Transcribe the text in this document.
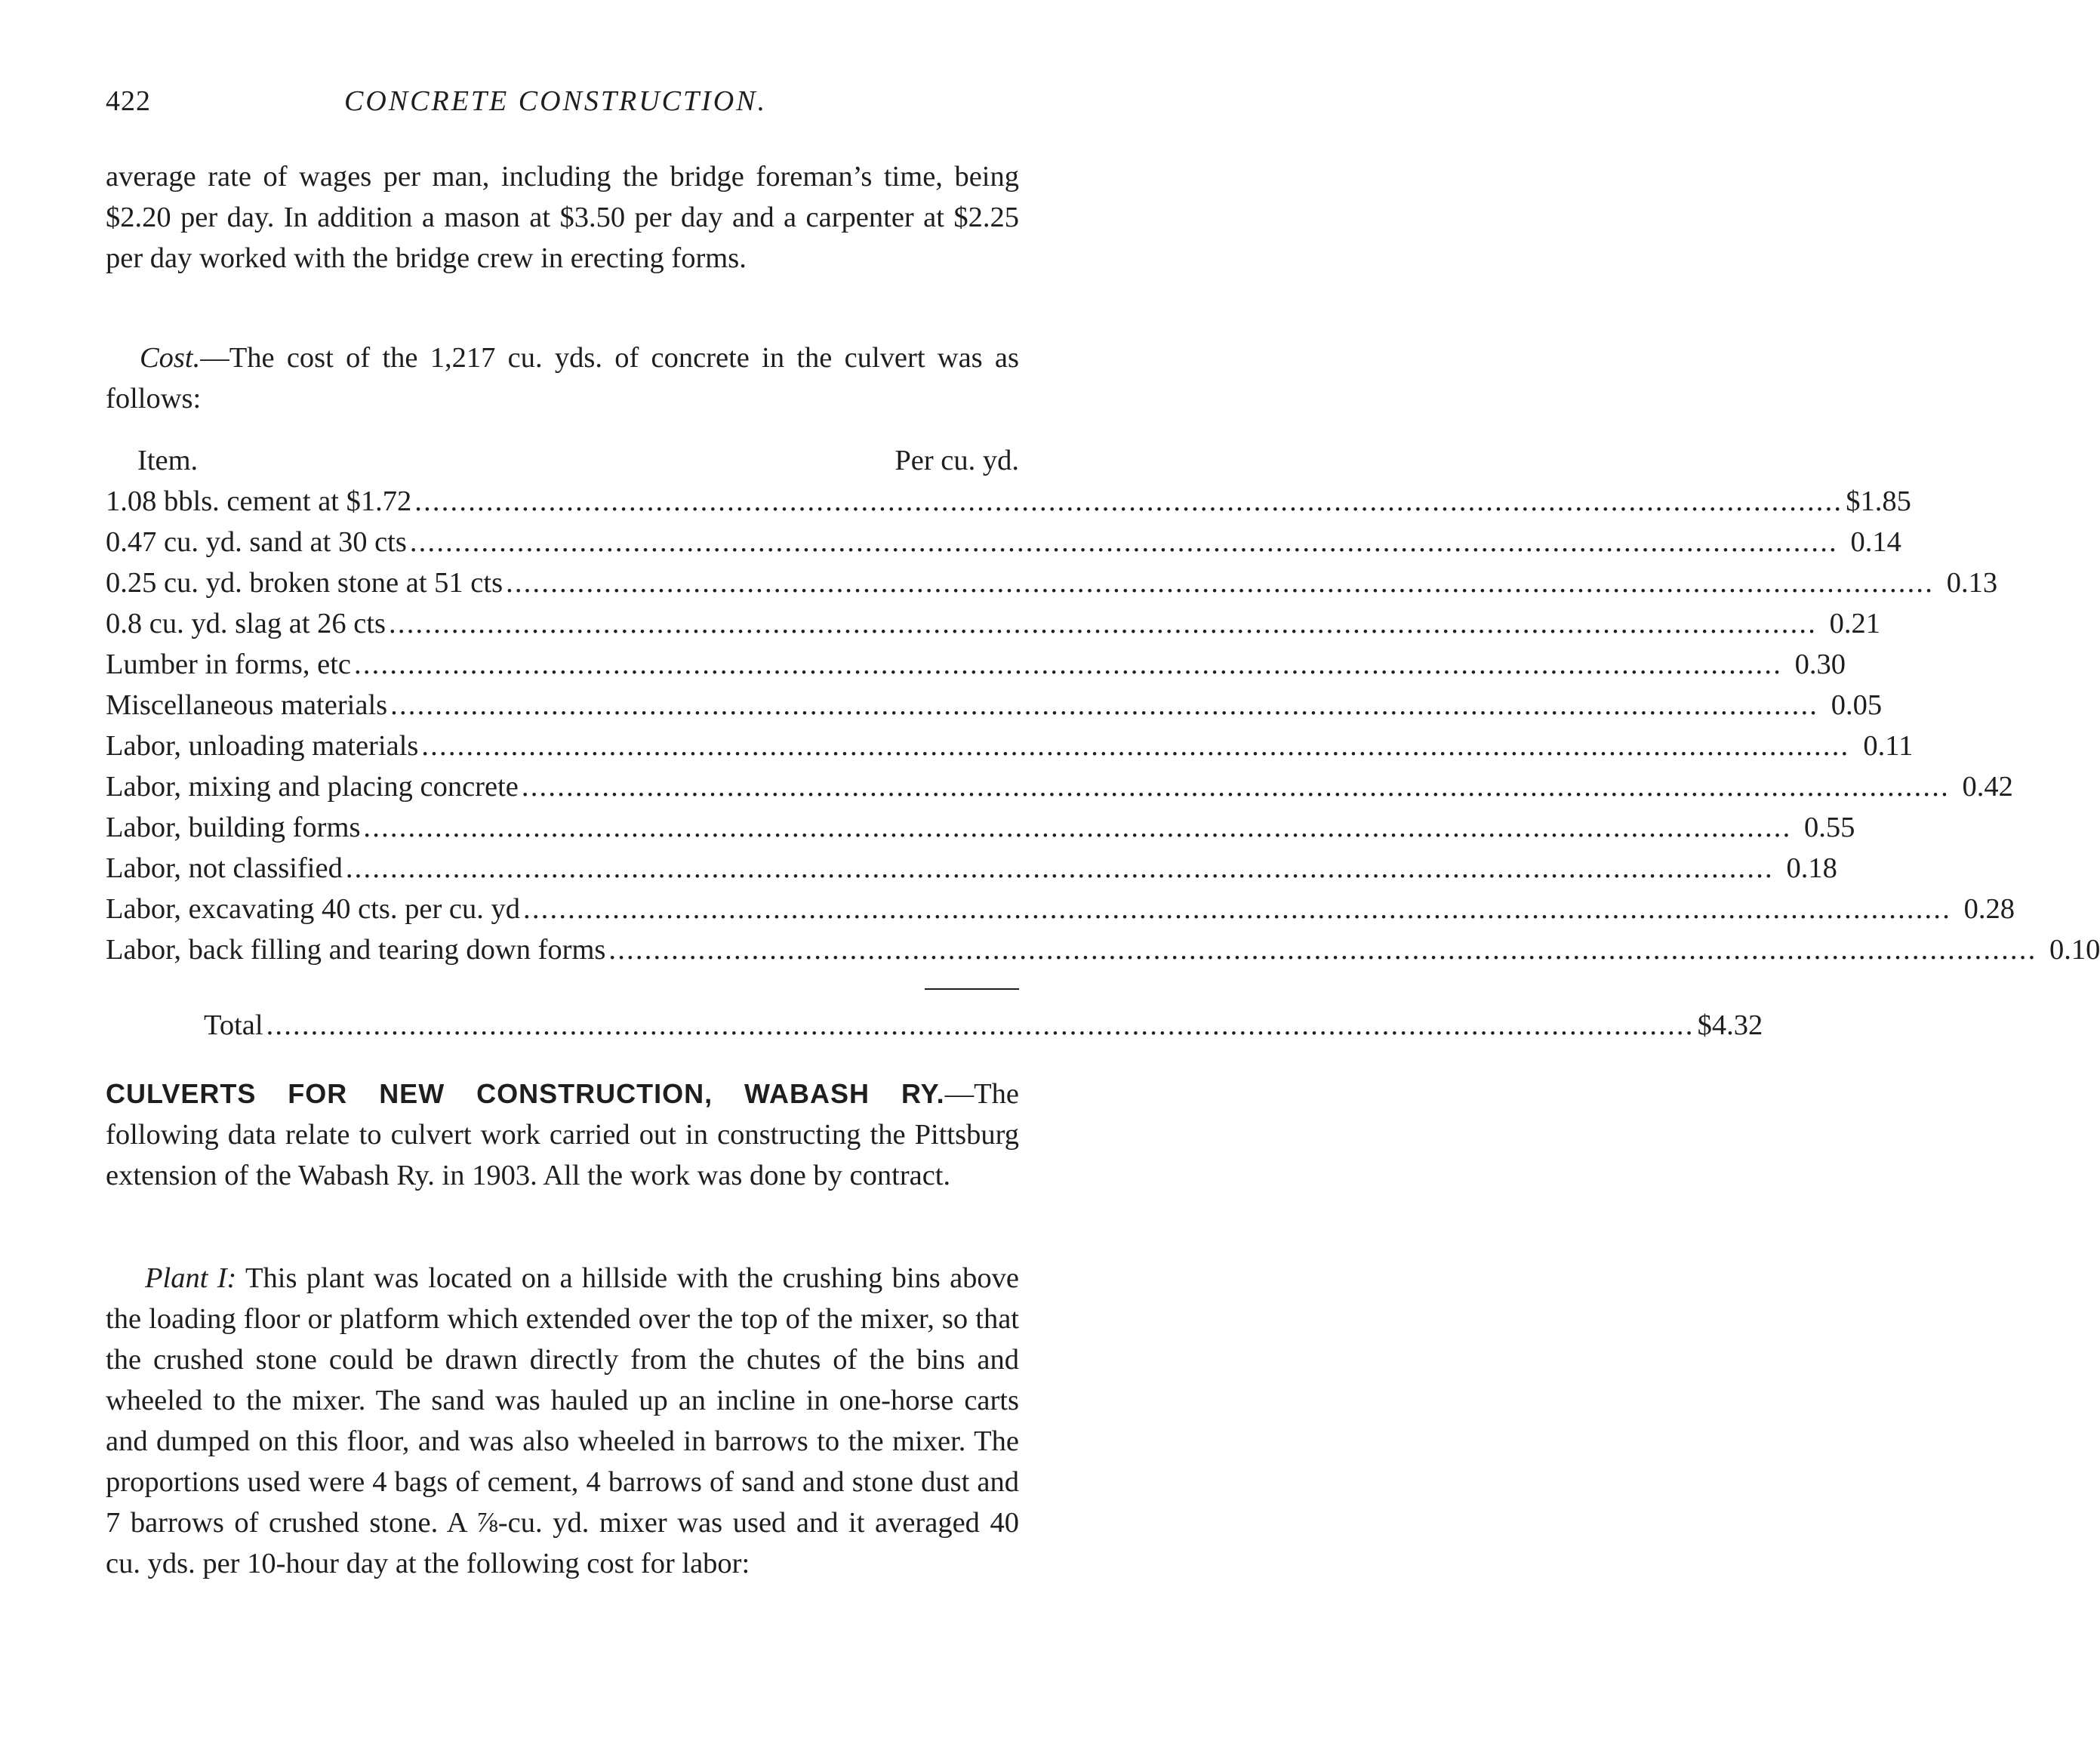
422	CONCRETE CONSTRUCTION.

average rate of wages per man, including the bridge foreman’s time, being $2.20 per day. In addition a mason at $3.50 per day and a carpenter at $2.25 per day worked with the bridge crew in erecting forms.

Cost.—The cost of the 1,217 cu. yds. of concrete in the culvert was as follows:

Item.	Per cu. yd.
1.08 bbls. cement at $1.72 ................................................................................................................................................................ $1.85
0.47 cu. yd. sand at 30 cts ................................................................................................................................................................ 0.14
0.25 cu. yd. broken stone at 51 cts ................................................................................................................................................................ 0.13
0.8 cu. yd. slag at 26 cts ................................................................................................................................................................ 0.21
Lumber in forms, etc ................................................................................................................................................................ 0.30
Miscellaneous materials ................................................................................................................................................................ 0.05
Labor, unloading materials ................................................................................................................................................................ 0.11
Labor, mixing and placing concrete ................................................................................................................................................................ 0.42
Labor, building forms ................................................................................................................................................................ 0.55
Labor, not classified ................................................................................................................................................................ 0.18
Labor, excavating 40 cts. per cu. yd ................................................................................................................................................................ 0.28
Labor, back filling and tearing down forms ................................................................................................................................................................ 0.10
Total ................................................................................................................................................................ $4.32

CULVERTS FOR NEW CONSTRUCTION, WABASH RY.—The following data relate to culvert work carried out in constructing the Pittsburg extension of the Wabash Ry. in 1903. All the work was done by contract.

Plant I: This plant was located on a hillside with the crushing bins above the loading floor or platform which extended over the top of the mixer, so that the crushed stone could be drawn directly from the chutes of the bins and wheeled to the mixer. The sand was hauled up an incline in one-horse carts and dumped on this floor, and was also wheeled in barrows to the mixer. The proportions used were 4 bags of cement, 4 barrows of sand and stone dust and 7 barrows of crushed stone. A ⅞-cu. yd. mixer was used and it averaged 40 cu. yds. per 10-hour day at the following cost for labor:
